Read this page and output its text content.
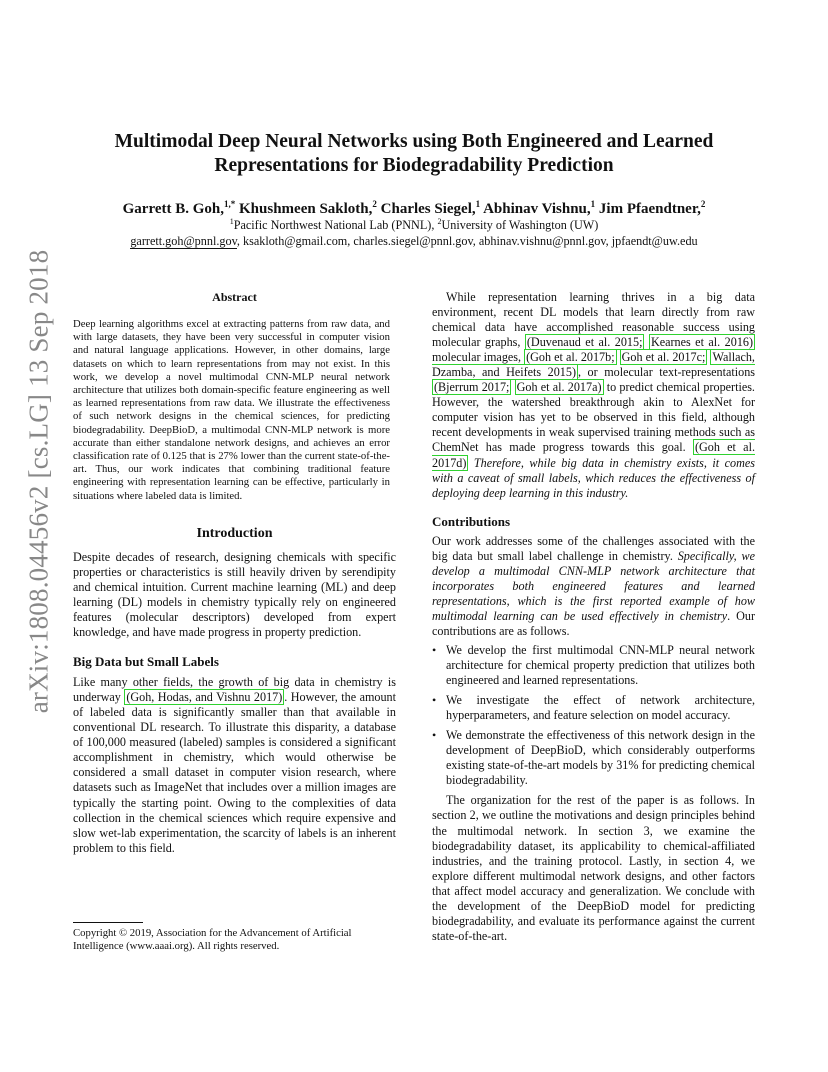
arXiv:1808.04456v2 [cs.LG] 13 Sep 2018
Multimodal Deep Neural Networks using Both Engineered and Learned Representations for Biodegradability Prediction
Garrett B. Goh,$^{1,*}$ Khushmeen Sakloth,$^2$ Charles Siegel,$^1$ Abhinav Vishnu,$^1$ Jim Pfaendtner,$^2$
$^1$Pacific Northwest National Lab (PNNL), $^2$University of Washington (UW)
garrett.goh@pnnl.gov, ksakloth@gmail.com, charles.siegel@pnnl.gov, abhinav.vishnu@pnnl.gov, jpfaendt@uw.edu
Abstract

Deep learning algorithms excel at extracting patterns from raw data, and with large datasets, they have been very successful in computer vision and natural language applications. However, in other domains, large datasets on which to learn representations from may not exist. In this work, we develop a novel multimodal CNN-MLP neural network architecture that utilizes both domain-specific feature engineering as well as learned representations from raw data. We illustrate the effectiveness of such network designs in the chemical sciences, for predicting biodegradability. DeepBioD, a multimodal CNN-MLP network is more accurate than either standalone network designs, and achieves an error classification rate of 0.125 that is 27% lower than the current state-of-the-art. Thus, our work indicates that combining traditional feature engineering with representation learning can be effective, particularly in situations where labeled data is limited.

Introduction

Despite decades of research, designing chemicals with specific properties or characteristics is still heavily driven by serendipity and chemical intuition. Current machine learning (ML) and deep learning (DL) models in chemistry typically rely on engineered features (molecular descriptors) developed from expert knowledge, and have made progress in property prediction.

Big Data but Small Labels

Like many other fields, the growth of big data in chemistry is underway (Goh, Hodas, and Vishnu 2017) . However, the amount of labeled data is significantly smaller than that available in conventional DL research. To illustrate this disparity, a database of 100,000 measured (labeled) samples is considered a significant accomplishment in chemistry, which would otherwise be considered a small dataset in computer vision research, where datasets such as ImageNet that includes over a million images are typically the starting point. Owing to the complexities of data collection in the chemical sciences which require expensive and slow wet-lab experimentation, the scarcity of labels is an inherent problem to this field.

Copyright © 2019, Association for the Advancement of Artificial Intelligence (www.aaai.org). All rights reserved.

While representation learning thrives in a big data environment, recent DL models that learn directly from raw chemical data have accomplished reasonable success using molecular graphs, (Duvenaud et al. 2015; Kearnes et al. 2016) molecular images, (Goh et al. 2017b; Goh et al. 2017c; Wallach, Dzamba, and Heifets 2015) , or molecular text-representations (Bjerrum 2017; Goh et al. 2017a) to predict chemical properties. However, the watershed breakthrough akin to AlexNet for computer vision has yet to be observed in this field, although recent developments in weak supervised training methods such as ChemNet has made progress towards this goal. (Goh et al. 2017d) Therefore, while big data in chemistry exists, it comes with a caveat of small labels, which reduces the effectiveness of deploying deep learning in this industry.

Contributions

Our work addresses some of the challenges associated with the big data but small label challenge in chemistry. Specifically, we develop a multimodal CNN-MLP network architecture that incorporates both engineered features and learned representations, which is the first reported example of how multimodal learning can be used effectively in chemistry. Our contributions are as follows.

• We develop the first multimodal CNN-MLP neural network architecture for chemical property prediction that utilizes both engineered and learned representations.
• We investigate the effect of network architecture, hyperparameters, and feature selection on model accuracy.
• We demonstrate the effectiveness of this network design in the development of DeepBioD, which considerably outperforms existing state-of-the-art models by 31% for predicting chemical biodegradability.

The organization for the rest of the paper is as follows. In section 2, we outline the motivations and design principles behind the multimodal network. In section 3, we examine the biodegradability dataset, its applicability to chemical-affiliated industries, and the training protocol. Lastly, in section 4, we explore different multimodal network designs, and other factors that affect model accuracy and generalization. We conclude with the development of the DeepBioD model for predicting biodegradability, and evaluate its performance against the current state-of-the-art.
